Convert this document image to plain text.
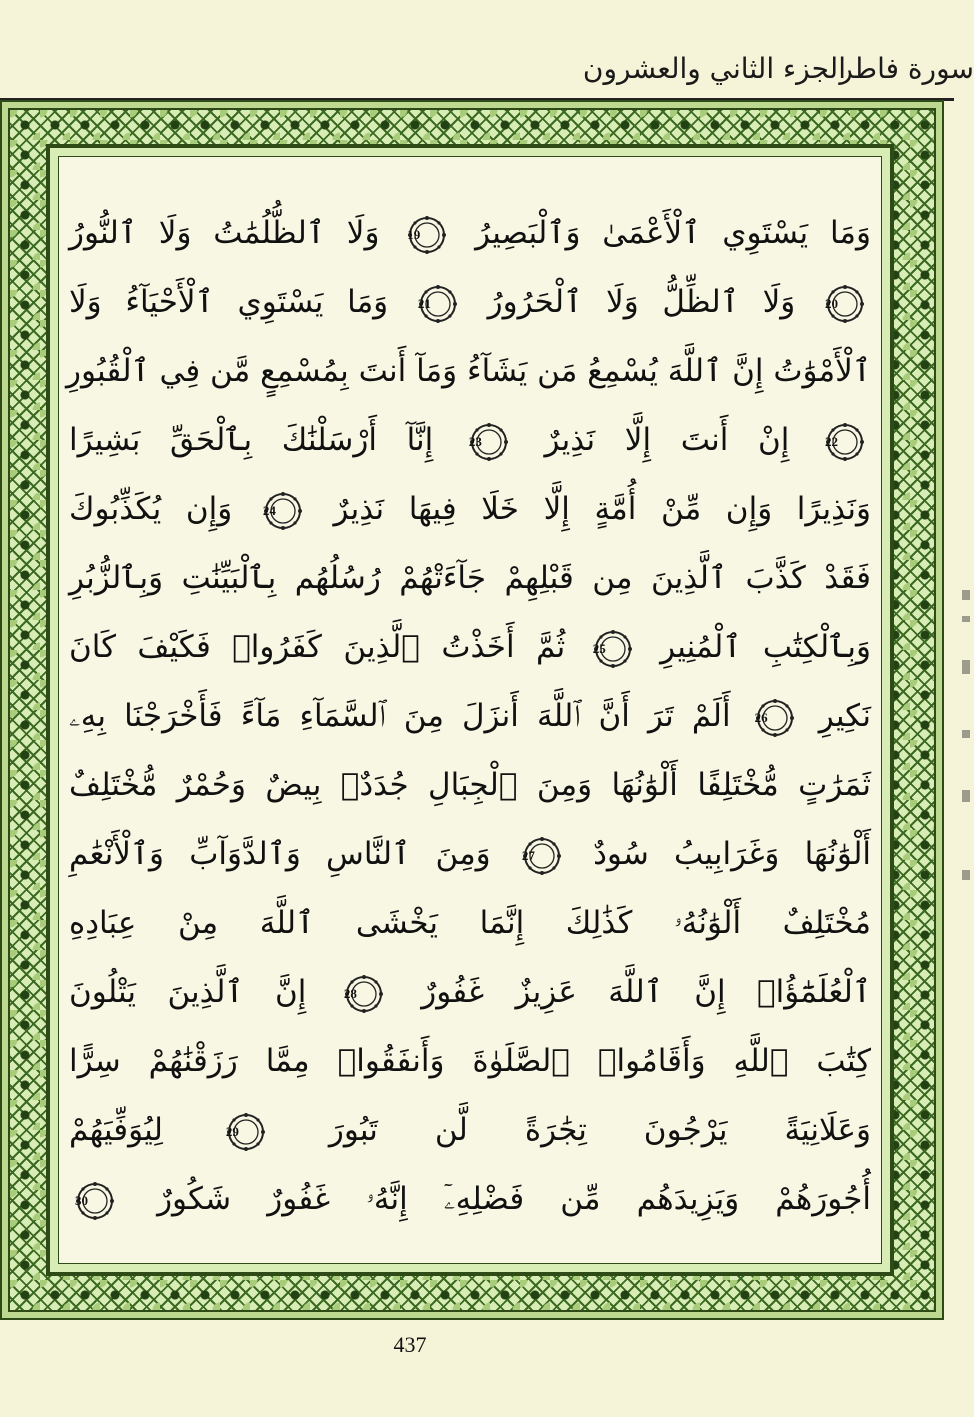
الجزء الثاني والعشرون
سورة فاطر
وَمَا يَسْتَوِي ٱلْأَعْمَىٰ وَٱلْبَصِيرُ
19
وَلَا ٱلظُّلُمَٰتُ وَلَا ٱلنُّورُ
20
وَلَا ٱلظِّلُّ وَلَا ٱلْحَرُورُ
21
وَمَا يَسْتَوِي ٱلْأَحْيَآءُ وَلَا
ٱلْأَمْوَٰتُ إِنَّ ٱللَّهَ يُسْمِعُ مَن يَشَآءُ وَمَآ أَنتَ بِمُسْمِعٍ مَّن فِي ٱلْقُبُورِ
22
إِنْ أَنتَ إِلَّا نَذِيرٌ
23
إِنَّآ أَرْسَلْنَٰكَ بِٱلْحَقِّ بَشِيرًا
وَنَذِيرًا وَإِن مِّنْ أُمَّةٍ إِلَّا خَلَا فِيهَا نَذِيرٌ
24
وَإِن يُكَذِّبُوكَ
فَقَدْ كَذَّبَ ٱلَّذِينَ مِن قَبْلِهِمْ جَآءَتْهُمْ رُسُلُهُم بِٱلْبَيِّنَٰتِ وَبِٱلزُّبُرِ
وَبِٱلْكِتَٰبِ ٱلْمُنِيرِ
25
ثُمَّ أَخَذْتُ ٱلَّذِينَ كَفَرُوا۟ فَكَيْفَ كَانَ
نَكِيرِ
26
أَلَمْ تَرَ أَنَّ ٱللَّهَ أَنزَلَ مِنَ ٱلسَّمَآءِ مَآءً فَأَخْرَجْنَا بِهِۦ
ثَمَرَٰتٍ مُّخْتَلِفًا أَلْوَٰنُهَا وَمِنَ ٱلْجِبَالِ جُدَدٌۢ بِيضٌ وَحُمْرٌ مُّخْتَلِفٌ
أَلْوَٰنُهَا وَغَرَابِيبُ سُودٌ
27
وَمِنَ ٱلنَّاسِ وَٱلدَّوَآبِّ وَٱلْأَنْعَٰمِ
مُخْتَلِفٌ أَلْوَٰنُهُۥ كَذَٰلِكَ إِنَّمَا يَخْشَى ٱللَّهَ مِنْ عِبَادِهِ
ٱلْعُلَمَٰٓؤُا۟ إِنَّ ٱللَّهَ عَزِيزٌ غَفُورٌ
28
إِنَّ ٱلَّذِينَ يَتْلُونَ
كِتَٰبَ ٱللَّهِ وَأَقَامُوا۟ ٱلصَّلَوٰةَ وَأَنفَقُوا۟ مِمَّا رَزَقْنَٰهُمْ سِرًّا
وَعَلَانِيَةً يَرْجُونَ تِجَٰرَةً لَّن تَبُورَ
29
لِيُوَفِّيَهُمْ
أُجُورَهُمْ وَيَزِيدَهُم مِّن فَضْلِهِۦٓ إِنَّهُۥ غَفُورٌ شَكُورٌ
30
437
